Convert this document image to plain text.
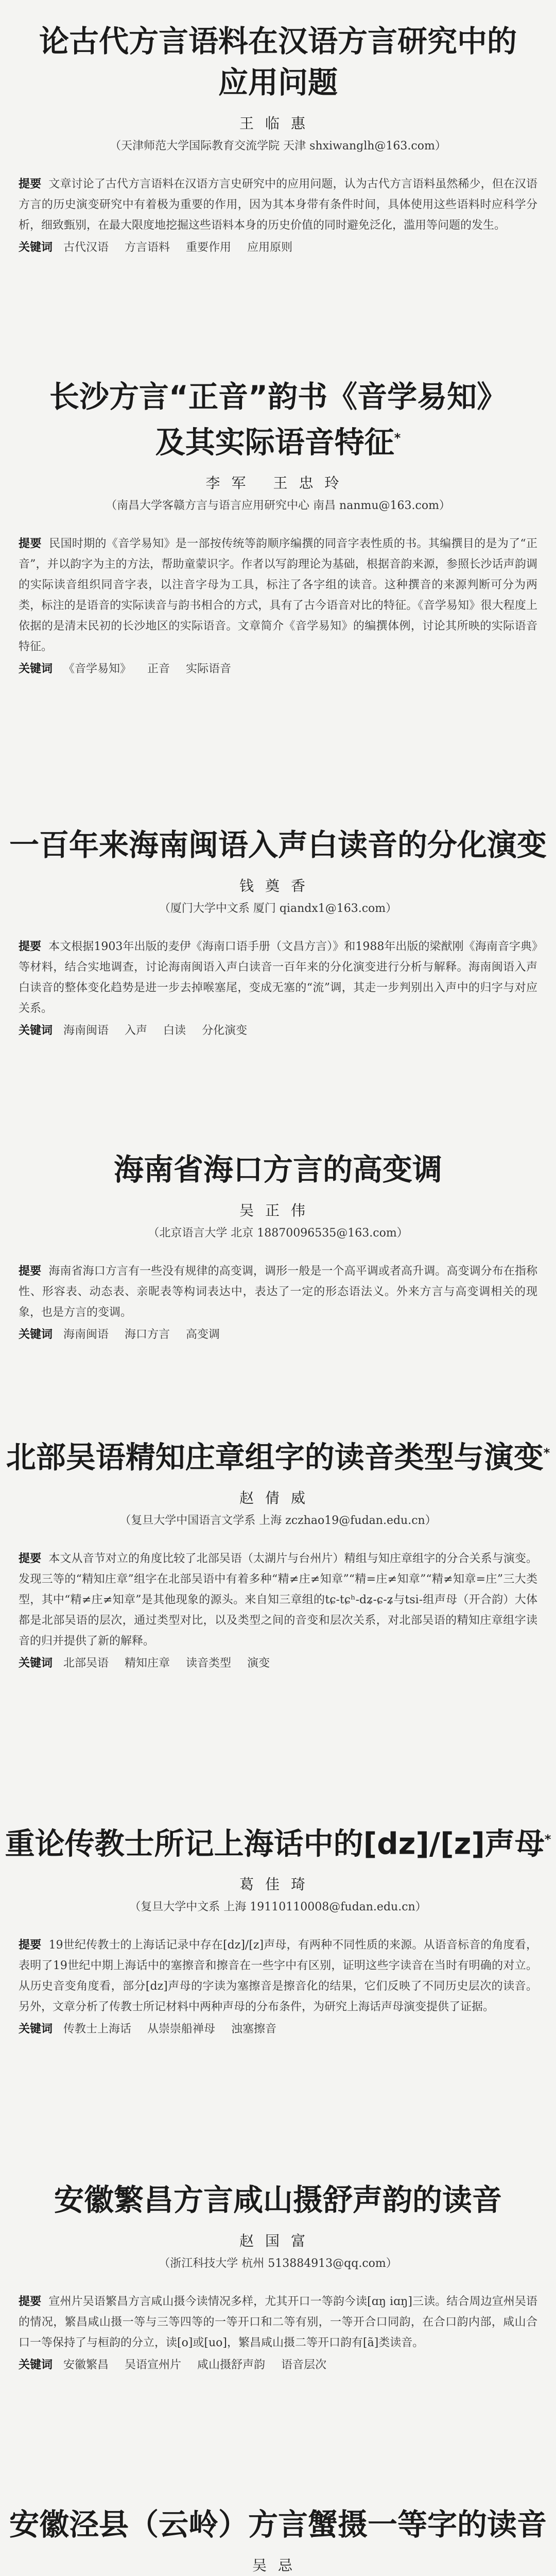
论古代方言语料在汉语方言研究中的
应用问题
王临惠
（天津师范大学国际教育交流学院 天津 shxiwanglh@163.com）
提要 文章讨论了古代方言语料在汉语方言史研究中的应用问题，认为古代方言语料虽然稀少，但在汉语方言的历史演变研究中有着极为重要的作用，因为其本身带有条件时间，具体使用这些语料时应科学分析，细致甄别，在最大限度地挖掘这些语料本身的历史价值的同时避免泛化，滥用等问题的发生。
关键词 古代汉语 方言语料 重要作用 应用原则
长沙方言“正音”韵书《音学易知》
及其实际语音特征*
李军 王忠玲
（南昌大学客赣方言与语言应用研究中心 南昌 nanmu@163.com）
提要 民国时期的《音学易知》是一部按传统等韵顺序编撰的同音字表性质的书。其编撰目的是为了“正音”，并以韵字为主的方法，帮助童蒙识字。作者以写韵理论为基础，根据音韵来源，参照长沙话声韵调的实际读音组织同音字表，以注音字母为工具，标注了各字组的读音。这种撰音的来源判断可分为两类，标注的是语音的实际读音与韵书相合的方式，具有了古今语音对比的特征。《音学易知》很大程度上依据的是清末民初的长沙地区的实际语音。文章简介《音学易知》的编撰体例，讨论其所映的实际语音特征。
关键词 《音学易知》 正音 实际语音
一百年来海南闽语入声白读音的分化演变
钱奠香
（厦门大学中文系 厦门 qiandx1@163.com）
提要 本文根据1903年出版的麦伊《海南口语手册（文昌方言）》和1988年出版的梁猷刚《海南音字典》等材料，结合实地调查，讨论海南闽语入声白读音一百年来的分化演变进行分析与解释。海南闽语入声白读音的整体变化趋势是进一步去掉喉塞尾，变成无塞的“流”调，其走一步判别出入声中的归字与对应关系。
关键词 海南闽语 入声 白读 分化演变
海南省海口方言的高变调
吴正伟
（北京语言大学 北京 18870096535@163.com）
提要 海南省海口方言有一些没有规律的高变调，调形一般是一个高平调或者高升调。高变调分布在指称性、形容表、动态表、亲昵表等构词表达中，表达了一定的形态语法义。外来方言与高变调相关的现象，也是方言的变调。
关键词 海南闽语 海口方言 高变调
北部吴语精知庄章组字的读音类型与演变*
赵倩威
（复旦大学中国语言文学系 上海 zczhao19@fudan.edu.cn）
提要 本文从音节对立的角度比较了北部吴语（太湖片与台州片）精组与知庄章组字的分合关系与演变。发现三等的“精知庄章”组字在北部吴语中有着多种“精≠庄≠知章”“精=庄≠知章”“精≠知章=庄”三大类型，其中“精≠庄≠知章”是其他现象的源头。来自知三章组的tɕ-tɕʰ-dʑ-ɕ-ʑ与tsi-组声母（开合韵）大体都是北部吴语的层次，通过类型对比，以及类型之间的音变和层次关系，对北部吴语的精知庄章组字读音的归并提供了新的解释。
关键词 北部吴语 精知庄章 读音类型 演变
重论传教士所记上海话中的[dz]/[z]声母*
葛佳琦
（复旦大学中文系 上海 19110110008@fudan.edu.cn）
提要 19世纪传教士的上海话记录中存在[dz]/[z]声母，有两种不同性质的来源。从语音标音的角度看，表明了19世纪中期上海话中的塞擦音和擦音在一些字中有区别，证明这些字读音在当时有明确的对立。从历史音变角度看，部分[dz]声母的字读为塞擦音是擦音化的结果，它们反映了不同历史层次的读音。另外，文章分析了传教士所记材料中两种声母的分布条件，为研究上海话声母演变提供了证据。
关键词 传教士上海话 从崇崇船禅母 浊塞擦音
安徽繁昌方言咸山摄舒声韵的读音
赵国富
（浙江科技大学 杭州 513884913@qq.com）
提要 宣州片吴语繁昌方言咸山摄今读情况多样，尤其开口一等韵今读[ɑŋ iɑŋ]三读。结合周边宣州吴语的情况，繁昌咸山摄一等与三等四等的一等开口和二等有别，一等开合口同韵，在合口韵内部，咸山合口一等保持了与桓韵的分立，读[o]或[uo]，繁昌咸山摄二等开口韵有[ã]类读音。
关键词 安徽繁昌 吴语宣州片 咸山摄舒声韵 语音层次
安徽泾县（云岭）方言蟹摄一等字的读音
吴忌
